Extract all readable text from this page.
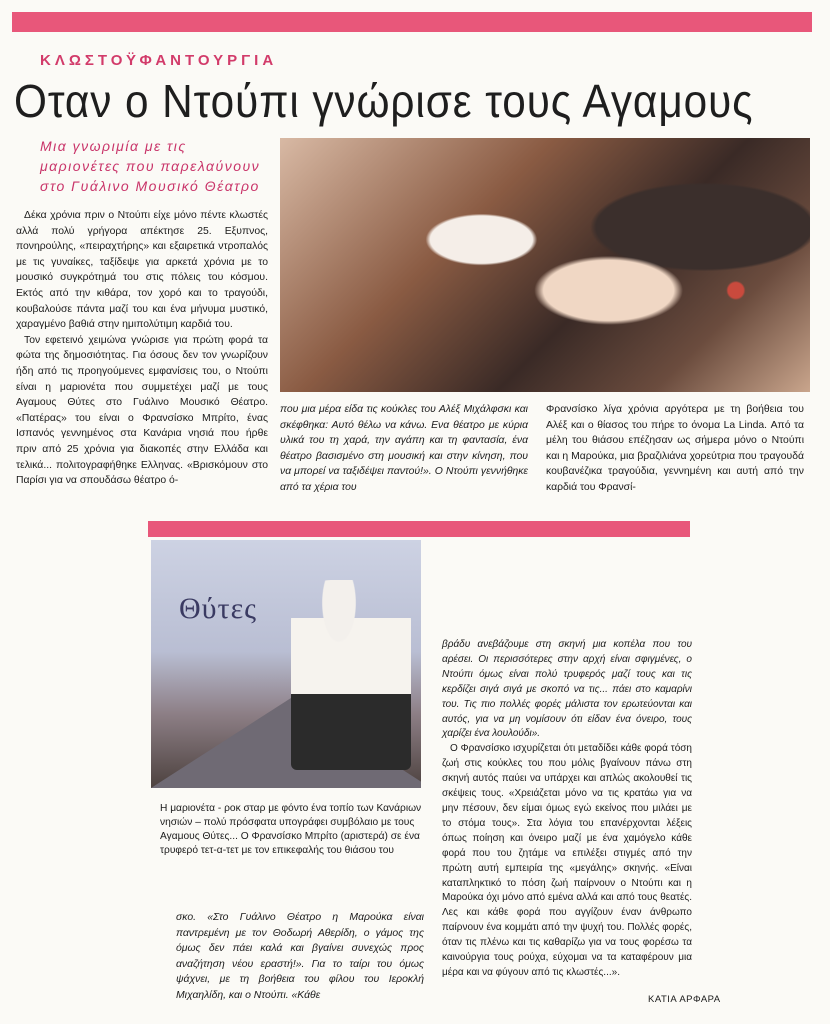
ΚΛΩΣΤΟΫΦΑΝΤΟΥΡΓΙΑ
Οταν ο Ντούπι γνώρισε τους Αγαμους
Μια γνωριμία με τις μαριονέτες που παρελαύνουν στο Γυάλινο Μουσικό Θέατρο

Δέκα χρόνια πριν ο Ντούπι είχε μόνο πέντε κλωστές αλλά πολύ γρήγορα απέκτησε 25. Εξυπνος, πονηρούλης, «πειραχτήρης» και εξαιρετικά ντροπαλός με τις γυναίκες, ταξίδεψε για αρκετά χρόνια με το μουσικό συγκρότημά του στις πόλεις του κόσμου. Εκτός από την κιθάρα, τον χορό και το τραγούδι, κουβαλούσε πάντα μαζί του και ένα μήνυμα μυστικό, χαραγμένο βαθιά στην ημιπολύτιμη καρδιά του.

Τον εφετεινό χειμώνα γνώρισε για πρώτη φορά τα φώτα της δημοσιότητας. Για όσους δεν τον γνωρίζουν ήδη από τις προηγούμενες εμφανίσεις του, ο Ντούπι είναι η μαριονέτα που συμμετέχει μαζί με τους Αγαμους Θύτες στο Γυάλινο Μουσικό Θέατρο. «Πατέρας» του είναι ο Φρανσίσκο Μπρίτο, ένας Ισπανός γεννημένος στα Κανάρια νησιά που ήρθε πριν από 25 χρόνια για διακοπές στην Ελλάδα και τελικά... πολιτογραφήθηκε Ελληνας. «Βρισκόμουν στο Παρίσι για να σπουδάσω θέατρο ό-

που μια μέρα είδα τις κούκλες του Αλέξ Μιχάλφσκι και σκέφθηκα: Αυτό θέλω να κάνω. Ενα θέατρο με κύρια υλικά του τη χαρά, την αγάπη και τη φαντασία, ένα θέατρο βασισμένο στη μουσική και στην κίνηση, που να μπορεί να ταξιδέψει παντού!». Ο Ντούπι γεννήθηκε από τα χέρια του

Φρανσίσκο λίγα χρόνια αργότερα με τη βοήθεια του Αλέξ και ο θίασος του πήρε το όνομα La Linda. Από τα μέλη του θιάσου επέζησαν ως σήμερα μόνο ο Ντούπι και η Μαρούκα, μια βραζιλιάνα χορεύτρια που τραγουδά κουβανέζικα τραγούδια, γεννημένη και αυτή από την καρδιά του Φρανσί-

Θύτες
Η μαριονέτα - ροκ σταρ με φόντο ένα τοπίο των Κανάριων νησιών – πολύ πρόσφατα υπογράφει συμβόλαιο με τους Αγαμους Θύτες... Ο Φρανσίσκο Μπρίτο (αριστερά) σε ένα τρυφερό τετ-α-τετ με τον επικεφαλής του θιάσου του

σκο. «Στο Γυάλινο Θέατρο η Μαρούκα είναι παντρεμένη με τον Θοδωρή Αθερίδη, ο γάμος της όμως δεν πάει καλά και βγαίνει συνεχώς προς αναζήτηση νέου εραστή!». Για το ταίρι του όμως ψάχνει, με τη βοήθεια του φίλου του Ιεροκλή Μιχαηλίδη, και ο Ντούπι. «Κάθε

βράδυ ανεβάζουμε στη σκηνή μια κοπέλα που του αρέσει. Οι περισσότερες στην αρχή είναι σφιγμένες, ο Ντούπι όμως είναι πολύ τρυφερός μαζί τους και τις κερδίζει σιγά σιγά με σκοπό να τις... πάει στο καμαρίνι του. Τις πιο πολλές φορές μάλιστα τον ερωτεύονται και αυτός, για να μη νομίσουν ότι είδαν ένα όνειρο, τους χαρίζει ένα λουλούδι».

Ο Φρανσίσκο ισχυρίζεται ότι μεταδίδει κάθε φορά τόση ζωή στις κούκλες του που μόλις βγαίνουν πάνω στη σκηνή αυτός παύει να υπάρχει και απλώς ακολουθεί τις σκέψεις τους. «Χρειάζεται μόνο να τις κρατάω για να μην πέσουν, δεν είμαι όμως εγώ εκείνος που μιλάει με το στόμα τους». Στα λόγια του επανέρχονται λέξεις όπως ποίηση και όνειρο μαζί με ένα χαμόγελο κάθε φορά που του ζητάμε να επιλέξει στιγμές από την πρώτη αυτή εμπειρία της «μεγάλης» σκηνής. «Είναι καταπληκτικό το πόση ζωή παίρνουν ο Ντούπι και η Μαρούκα όχι μόνο από εμένα αλλά και από τους θεατές. Λες και κάθε φορά που αγγίζουν έναν άνθρωπο παίρνουν ένα κομμάτι από την ψυχή του. Πολλές φορές, όταν τις πλένω και τις καθαρίζω για να τους φορέσω τα καινούργια τους ρούχα, εύχομαι να τα καταφέρουν μια μέρα και να φύγουν από τις κλωστές...».

ΚΑΤΙΑ ΑΡΦΑΡΑ
